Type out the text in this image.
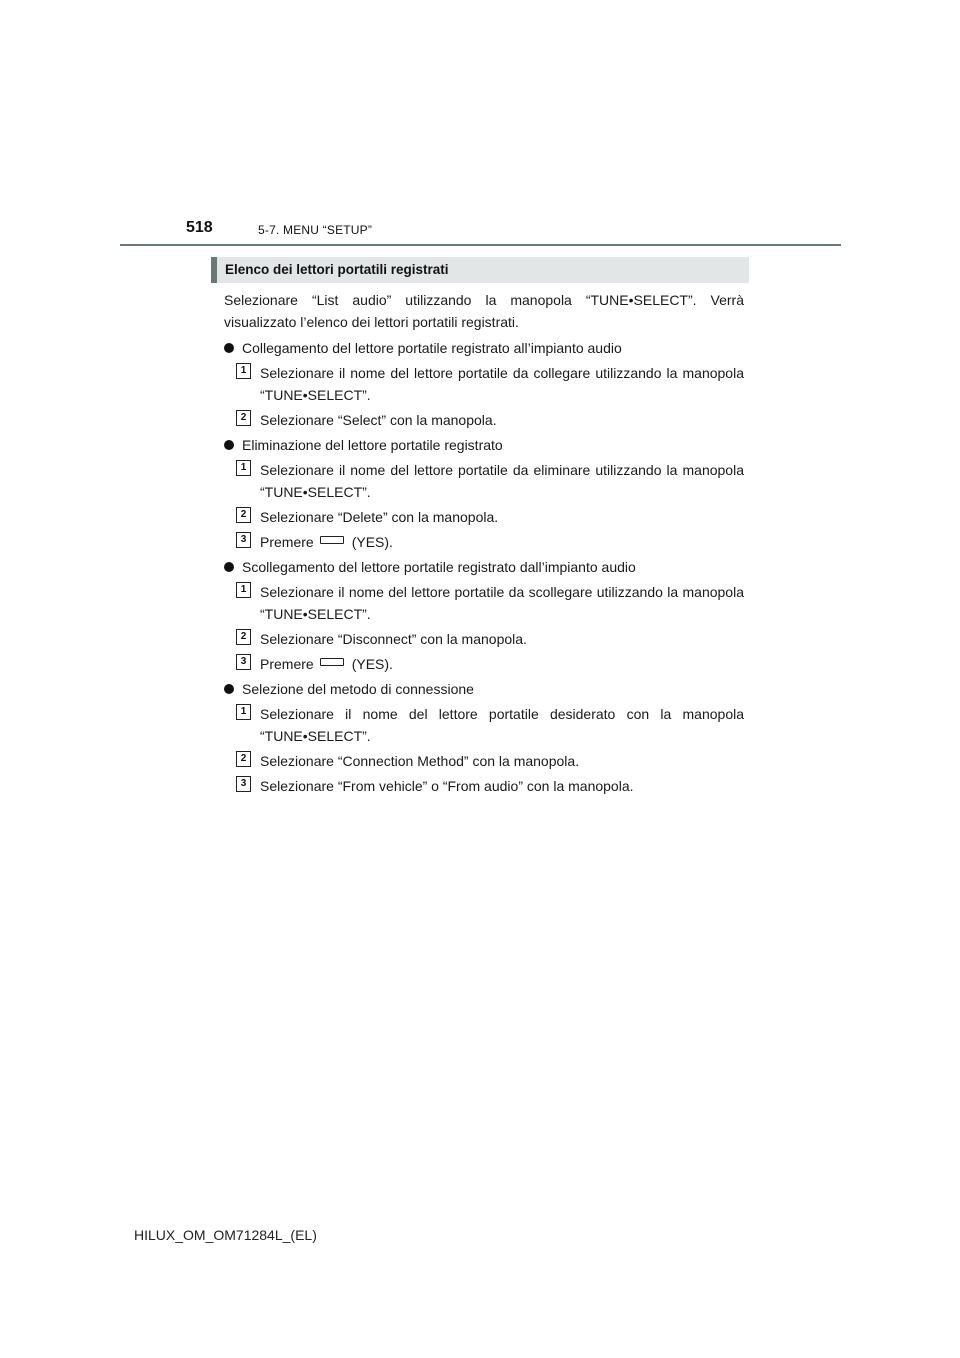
518	5-7. MENU “SETUP”
Elenco dei lettori portatili registrati

Selezionare “List audio” utilizzando la manopola “TUNE•SELECT”. Verrà visualizzato l’elenco dei lettori portatili registrati.

Collegamento del lettore portatile registrato all’impianto audio
1 Selezionare il nome del lettore portatile da collegare utilizzando la manopola “TUNE•SELECT”.
2 Selezionare “Select” con la manopola.
Eliminazione del lettore portatile registrato
1 Selezionare il nome del lettore portatile da eliminare utilizzando la manopola “TUNE•SELECT”.
2 Selezionare “Delete” con la manopola.
3 Premere	(YES).
Scollegamento del lettore portatile registrato dall’impianto audio
1 Selezionare il nome del lettore portatile da scollegare utilizzando la manopola “TUNE•SELECT”.
2 Selezionare “Disconnect” con la manopola.
3 Premere	(YES).
Selezione del metodo di connessione
1 Selezionare il nome del lettore portatile desiderato con la manopola “TUNE•SELECT”.
2 Selezionare “Connection Method” con la manopola.
3 Selezionare “From vehicle” o “From audio” con la manopola.
HILUX_OM_OM71284L_(EL)
